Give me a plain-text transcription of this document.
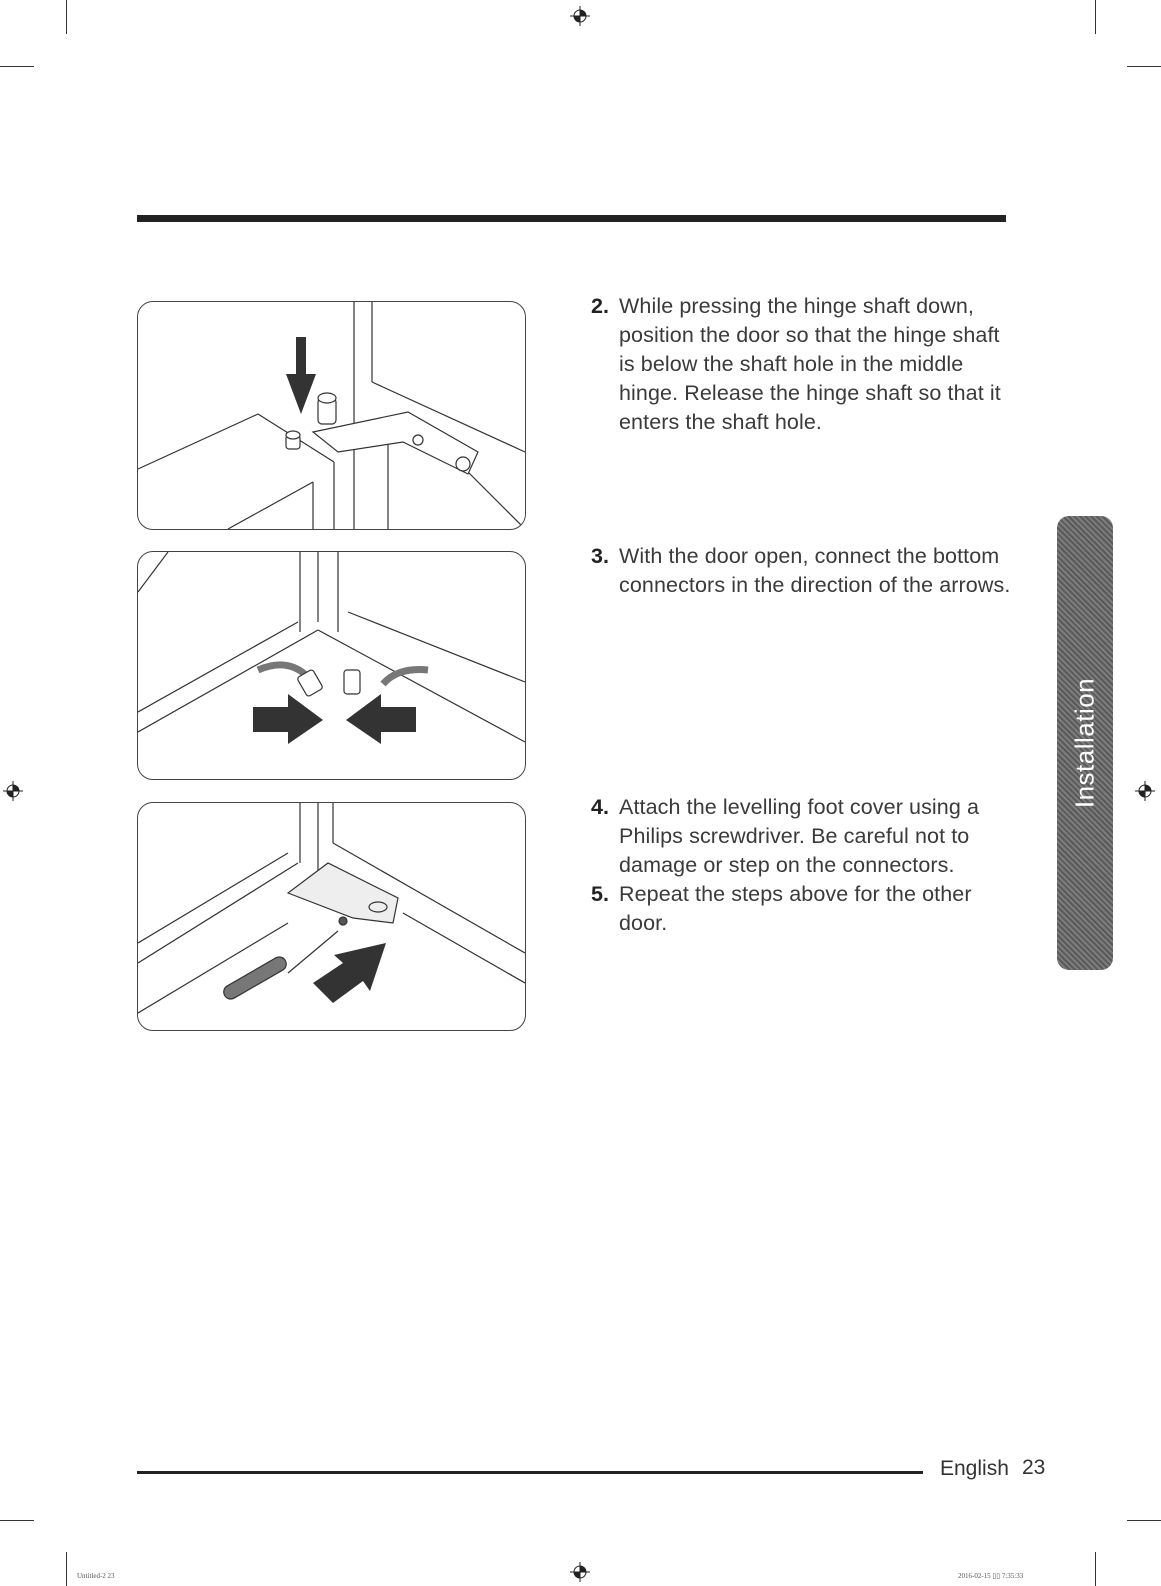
2. While pressing the hinge shaft down, position the door so that the hinge shaft is below the shaft hole in the middle hinge. Release the hinge shaft so that it enters the shaft hole.
3. With the door open, connect the bottom connectors in the direction of the arrows.
4. Attach the levelling foot cover using a Philips screwdriver. Be careful not to damage or step on the connectors.
5. Repeat the steps above for the other door.
Installation
English 23
Untitled-2 23	2016-02-15 ▯▯ 7:35:33
